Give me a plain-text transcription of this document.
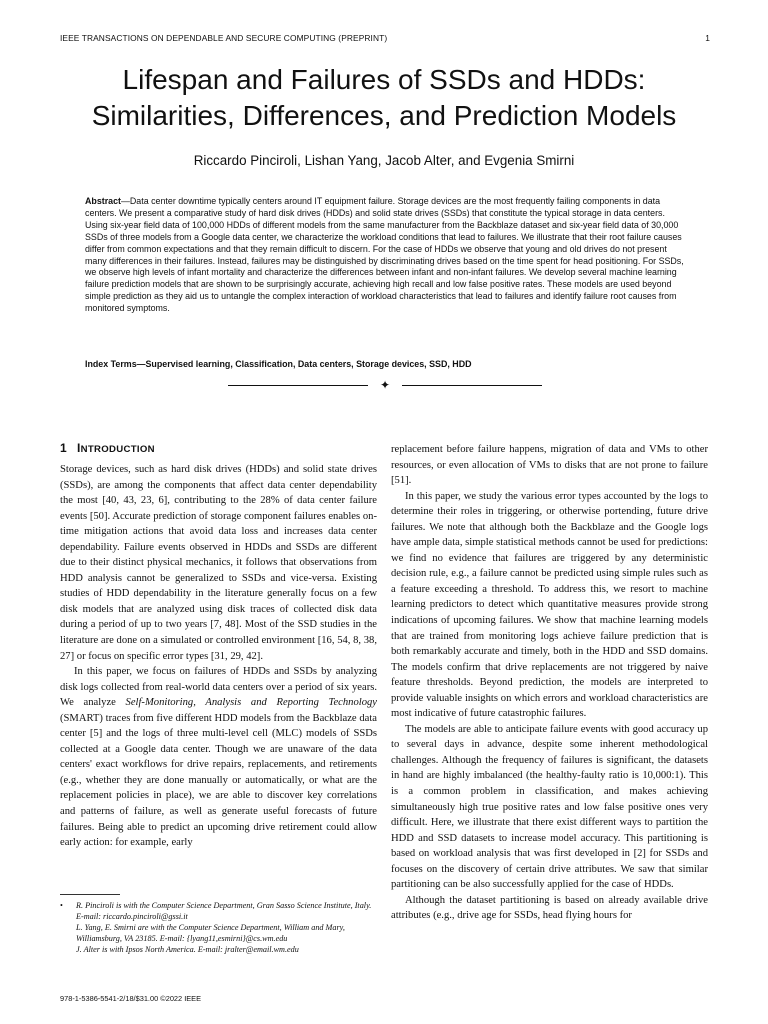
IEEE TRANSACTIONS ON DEPENDABLE AND SECURE COMPUTING (PREPRINT)	1
Lifespan and Failures of SSDs and HDDs:
Similarities, Differences, and Prediction Models
Riccardo Pinciroli, Lishan Yang, Jacob Alter, and Evgenia Smirni
Abstract—Data center downtime typically centers around IT equipment failure. Storage devices are the most frequently failing components in data centers. We present a comparative study of hard disk drives (HDDs) and solid state drives (SSDs) that constitute the typical storage in data centers. Using six-year field data of 100,000 HDDs of different models from the same manufacturer from the Backblaze dataset and six-year field data of 30,000 SSDs of three models from a Google data center, we characterize the workload conditions that lead to failures. We illustrate that their root failure causes differ from common expectations and that they remain difficult to discern. For the case of HDDs we observe that young and old drives do not present many differences in their failures. Instead, failures may be distinguished by discriminating drives based on the time spent for head positioning. For SSDs, we observe high levels of infant mortality and characterize the differences between infant and non-infant failures. We develop several machine learning failure prediction models that are shown to be surprisingly accurate, achieving high recall and low false positive rates. These models are used beyond simple prediction as they aid us to untangle the complex interaction of workload characteristics that lead to failures and identify failure root causes from monitored symptoms.
Index Terms—Supervised learning, Classification, Data centers, Storage devices, SSD, HDD
✦
1 INTRODUCTION

Storage devices, such as hard disk drives (HDDs) and solid state drives (SSDs), are among the components that affect data center dependability the most [40, 43, 23, 6], contributing to the 28% of data center failure events [50]. Accurate prediction of storage component failures enables on-time mitigation actions that avoid data loss and increases data center dependability. Failure events observed in HDDs and SSDs are different due to their distinct physical mechanics, it follows that observations from HDD analysis cannot be generalized to SSDs and vice-versa. Existing studies of HDD dependability in the literature generally focus on a few disk models that are analyzed using disk traces of collected disk data during a period of up to two years [7, 48]. Most of the SSD studies in the literature are done on a simulated or controlled environment [16, 54, 8, 38, 27] or focus on specific error types [31, 29, 42].

In this paper, we focus on failures of HDDs and SSDs by analyzing disk logs collected from real-world data centers over a period of six years. We analyze Self-Monitoring, Analysis and Reporting Technology (SMART) traces from five different HDD models from the Backblaze data center [5] and the logs of three multi-level cell (MLC) models of SSDs collected at a Google data center. Though we are unaware of the data centers' exact workflows for drive repairs, replacements, and retirements (e.g., whether they are done manually or automatically, or what are the replacement policies in place), we are able to discover key correlations and patterns of failure, as well as generate useful forecasts of future failures. Being able to predict an upcoming drive retirement could allow early action: for example, early

replacement before failure happens, migration of data and VMs to other resources, or even allocation of VMs to disks that are not prone to failure [51].

In this paper, we study the various error types accounted by the logs to determine their roles in triggering, or otherwise portending, future drive failures. We note that although both the Backblaze and the Google logs have ample data, simple statistical methods cannot be used for predictions: we find no evidence that failures are triggered by any deterministic decision rule, e.g., a failure cannot be predicted using simple rules such as a feature exceeding a threshold. To address this, we resort to machine learning predictors to detect which quantitative measures provide strong indications of upcoming failures. We show that machine learning models that are trained from monitoring logs achieve failure prediction that is both remarkably accurate and timely, both in the HDD and SSD domains. The models confirm that drive replacements are not triggered by naive feature thresholds. Beyond prediction, the models are interpreted to provide valuable insights on which errors and workload characteristics are most indicative of future catastrophic failures.

The models are able to anticipate failure events with good accuracy up to several days in advance, despite some inherent methodological challenges. Although the frequency of failures is significant, the datasets in hand are highly imbalanced (the healthy-faulty ratio is 10,000:1). This is a common problem in classification, and makes achieving simultaneously high true positive rates and low false positive ones very difficult. Here, we illustrate that there exist different ways to partition the HDD and SSD datasets to increase model accuracy. This partitioning is based on workload analysis that was first developed in [2] for SSDs and focuses on the discovery of certain drive attributes. We saw that similar partitioning can be also successfully applied for the case of HDDs.

Although the dataset partitioning is based on already available drive attributes (e.g., drive age for SSDs, head flying hours for

• R. Pinciroli is with the Computer Science Department, Gran Sasso Science Institute, Italy. E-mail: riccardo.pinciroli@gssi.it
L. Yang, E. Smirni are with the Computer Science Department, William and Mary, Williamsburg, VA 23185. E-mail: {lyang11,esmirni}@cs.wm.edu
J. Alter is with Ipsos North America. E-mail: jralter@email.wm.edu
978-1-5386-5541-2/18/$31.00 ©2022 IEEE
